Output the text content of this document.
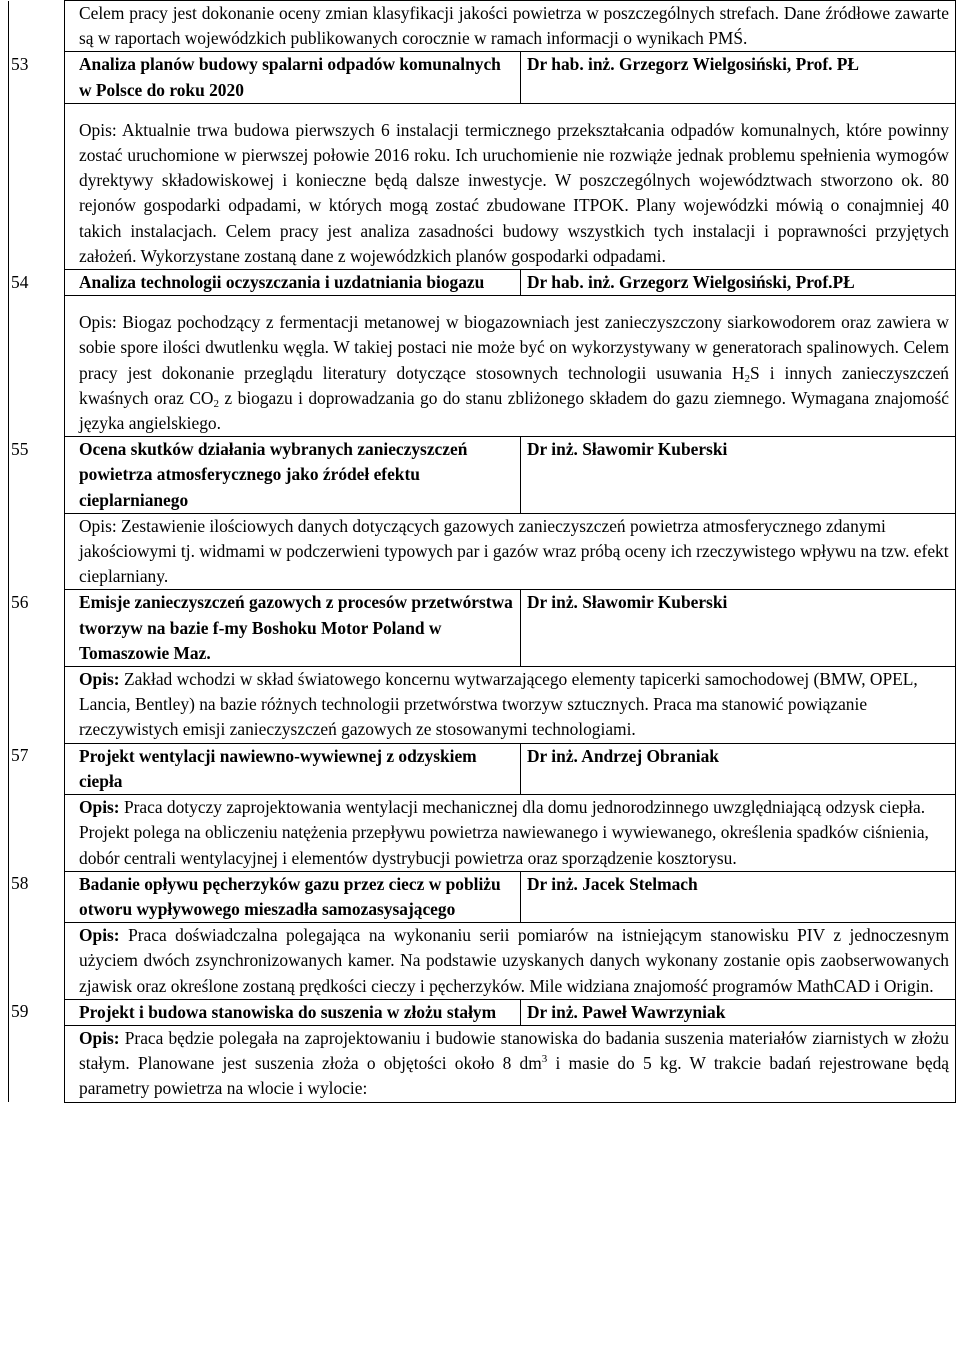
	Celem pracy jest dokonanie oceny zmian klasyfikacji jakości powietrza w poszczególnych strefach. Dane źródłowe zawarte są w raportach wojewódzkich publikowanych corocznie w ramach informacji o wynikach PMŚ.	
53	Analiza planów budowy spalarni odpadów komunalnych w Polsce do roku 2020	Dr hab. inż. Grzegorz Wielgosiński, Prof. PŁ

Opis: Aktualnie trwa budowa pierwszych 6 instalacji termicznego przekształcania odpadów komunalnych, które powinny zostać uruchomione w pierwszej połowie 2016 roku. Ich uruchomienie nie rozwiąże jednak problemu spełnienia wymogów dyrektywy składowiskowej i konieczne będą dalsze inwestycje. W poszczególnych województwach stworzono ok. 80 rejonów gospodarki odpadami, w których mogą zostać zbudowane ITPOK. Plany wojewódzki mówią o conajmniej 40 takich instalacjach. Celem pracy jest analiza zasadności budowy wszystkich tych instalacji i poprawności przyjętych założeń. Wykorzystane zostaną dane z wojewódzkich planów gospodarki odpadami.	
54	Analiza technologii oczyszczania i uzdatniania biogazu	Dr hab. inż. Grzegorz Wielgosiński, Prof.PŁ

Opis: Biogaz pochodzący z fermentacji metanowej w biogazowniach jest zanieczyszczony siarkowodorem oraz zawiera w sobie spore ilości dwutlenku węgla. W takiej postaci nie może być on wykorzystywany w generatorach spalinowych. Celem pracy jest dokonanie przeglądu literatury dotyczące stosownych technologii usuwania $H_2S$ i innych zanieczyszczeń kwaśnych oraz $CO_2$ z biogazu i doprowadzania go do stanu zbliżonego składem do gazu ziemnego. Wymagana znajomość języka angielskiego.	
55	Ocena skutków działania wybranych zanieczyszczeń powietrza atmosferycznego jako źródeł efektu cieplarnianego	Dr inż. Sławomir Kuberski
	Opis: Zestawienie ilościowych danych dotyczących gazowych zanieczyszczeń powietrza atmosferycznego zdanymi jakościowymi tj. widmami w podczerwieni typowych par i gazów wraz próbą oceny ich rzeczywistego wpływu na tzw. efekt cieplarniany.	
56	Emisje zanieczyszczeń gazowych z procesów przetwórstwa tworzyw na bazie f-my Boshoku Motor Poland w Tomaszowie Maz.	Dr inż. Sławomir Kuberski
	Opis: Zakład wchodzi w skład światowego koncernu wytwarzającego elementy tapicerki samochodowej (BMW, OPEL, Lancia, Bentley) na bazie różnych technologii przetwórstwa tworzyw sztucznych. Praca ma stanowić powiązanie rzeczywistych emisji zanieczyszczeń gazowych ze stosowanymi technologiami.	
57	Projekt wentylacji nawiewno-wywiewnej z odzyskiem ciepła	Dr inż. Andrzej Obraniak
	Opis: Praca dotyczy zaprojektowania wentylacji mechanicznej dla domu jednorodzinnego uwzględniającą odzysk ciepła. Projekt polega na obliczeniu natężenia przepływu powietrza nawiewanego i wywiewanego, określenia spadków ciśnienia, dobór centrali wentylacyjnej i elementów dystrybucji powietrza oraz sporządzenie kosztorysu.	
58	Badanie opływu pęcherzyków gazu przez ciecz w pobliżu otworu wypływowego mieszadła samozasysającego	Dr inż. Jacek Stelmach
	Opis: Praca doświadczalna polegająca na wykonaniu serii pomiarów na istniejącym stanowisku PIV z jednoczesnym użyciem dwóch zsynchronizowanych kamer. Na podstawie uzyskanych danych wykonany zostanie opis zaobserwowanych zjawisk oraz określone zostaną prędkości cieczy i pęcherzyków. Mile widziana znajomość programów MathCAD i Origin.	
59	Projekt i budowa stanowiska do suszenia w złożu stałym	Dr inż. Paweł Wawrzyniak
	Opis: Praca będzie polegała na zaprojektowaniu i budowie stanowiska do badania suszenia materiałów ziarnistych w złożu stałym. Planowane jest suszenia złoża o objętości około 8 $dm^3$ i masie do 5 kg. W trakcie badań rejestrowane będą parametry powietrza na wlocie i wylocie:	
